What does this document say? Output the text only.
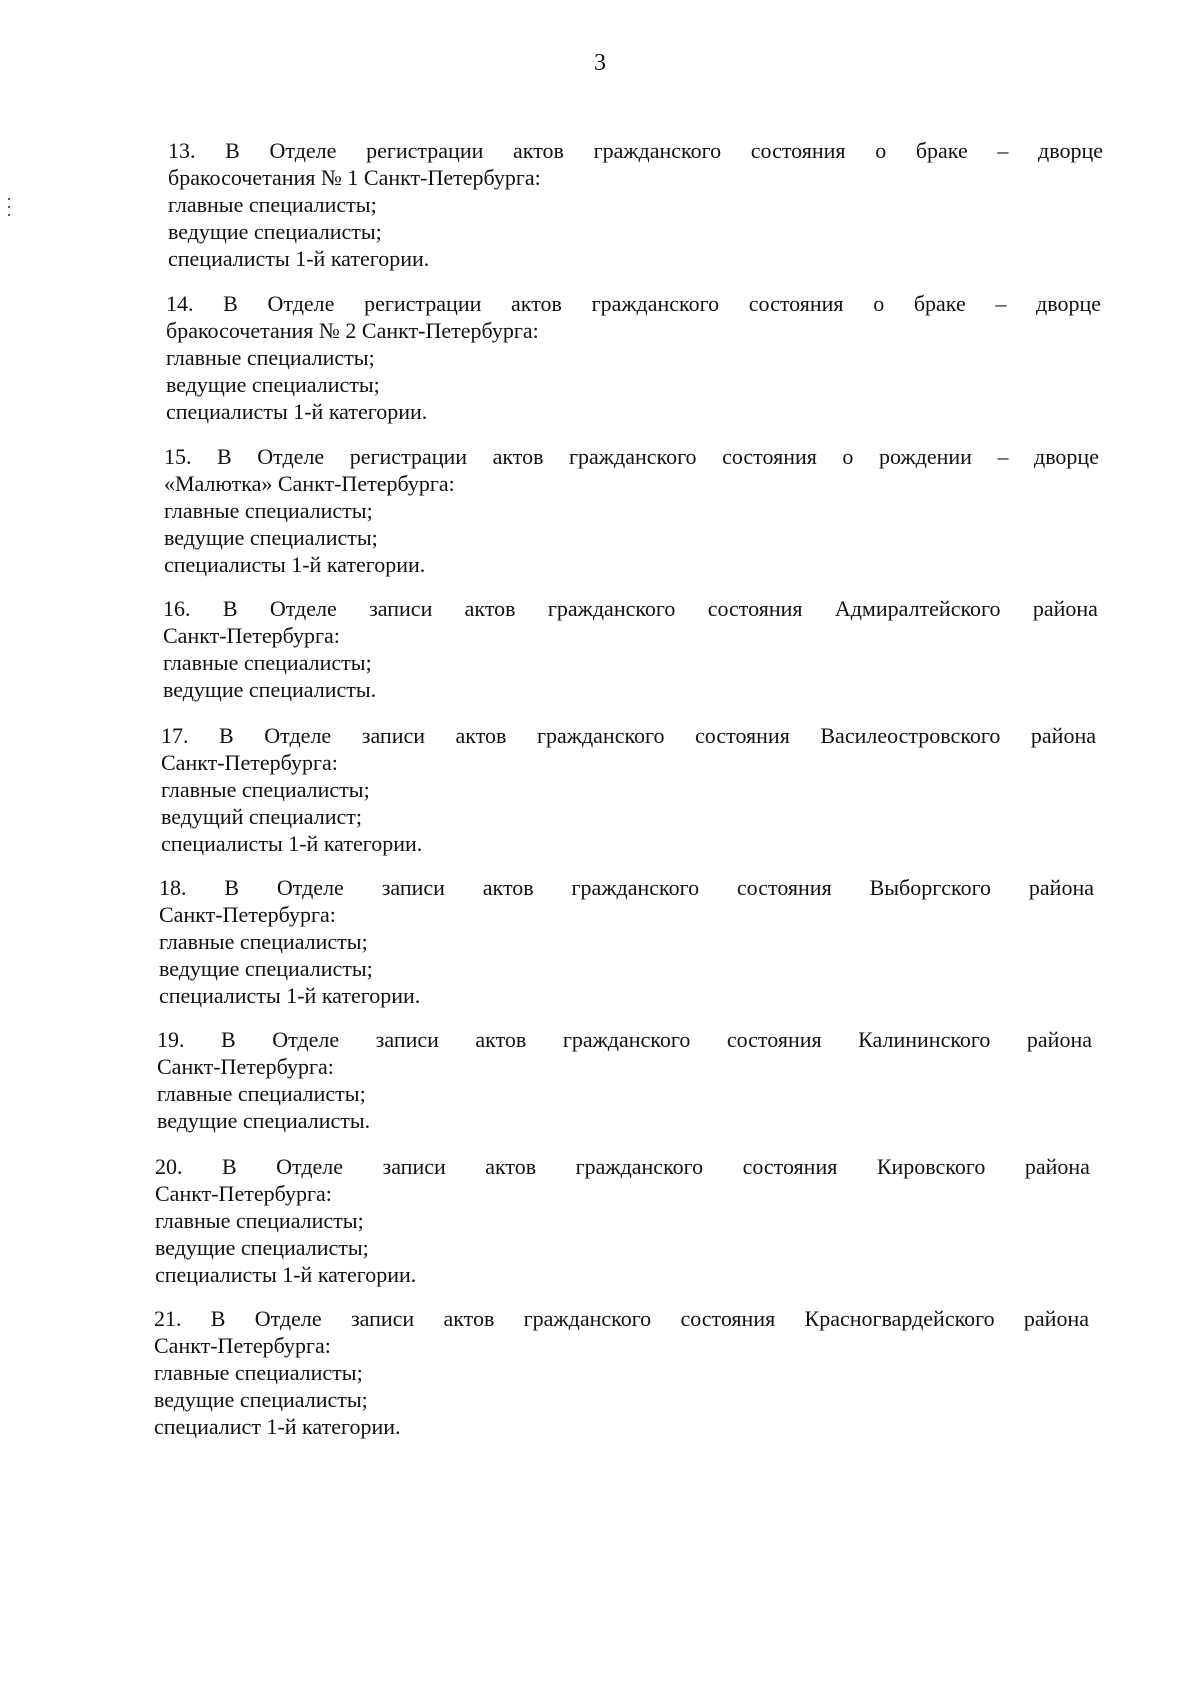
3
13. В Отделе регистрации актов гражданского состояния о браке – дворце
бракосочетания № 1 Санкт-Петербурга:
главные специалисты;
ведущие специалисты;
специалисты 1-й категории.
14. В Отделе регистрации актов гражданского состояния о браке – дворце
бракосочетания № 2 Санкт-Петербурга:
главные специалисты;
ведущие специалисты;
специалисты 1-й категории.
15. В Отделе регистрации актов гражданского состояния о рождении – дворце
«Малютка» Санкт-Петербурга:
главные специалисты;
ведущие специалисты;
специалисты 1-й категории.
16. В Отделе записи актов гражданского состояния Адмиралтейского района
Санкт-Петербурга:
главные специалисты;
ведущие специалисты.
17. В Отделе записи актов гражданского состояния Василеостровского района
Санкт-Петербурга:
главные специалисты;
ведущий специалист;
специалисты 1-й категории.
18. В Отделе записи актов гражданского состояния Выборгского района
Санкт-Петербурга:
главные специалисты;
ведущие специалисты;
специалисты 1-й категории.
19. В Отделе записи актов гражданского состояния Калининского района
Санкт-Петербурга:
главные специалисты;
ведущие специалисты.
20. В Отделе записи актов гражданского состояния Кировского района
Санкт-Петербурга:
главные специалисты;
ведущие специалисты;
специалисты 1-й категории.
21. В Отделе записи актов гражданского состояния Красногвардейского района
Санкт-Петербурга:
главные специалисты;
ведущие специалисты;
специалист 1-й категории.
